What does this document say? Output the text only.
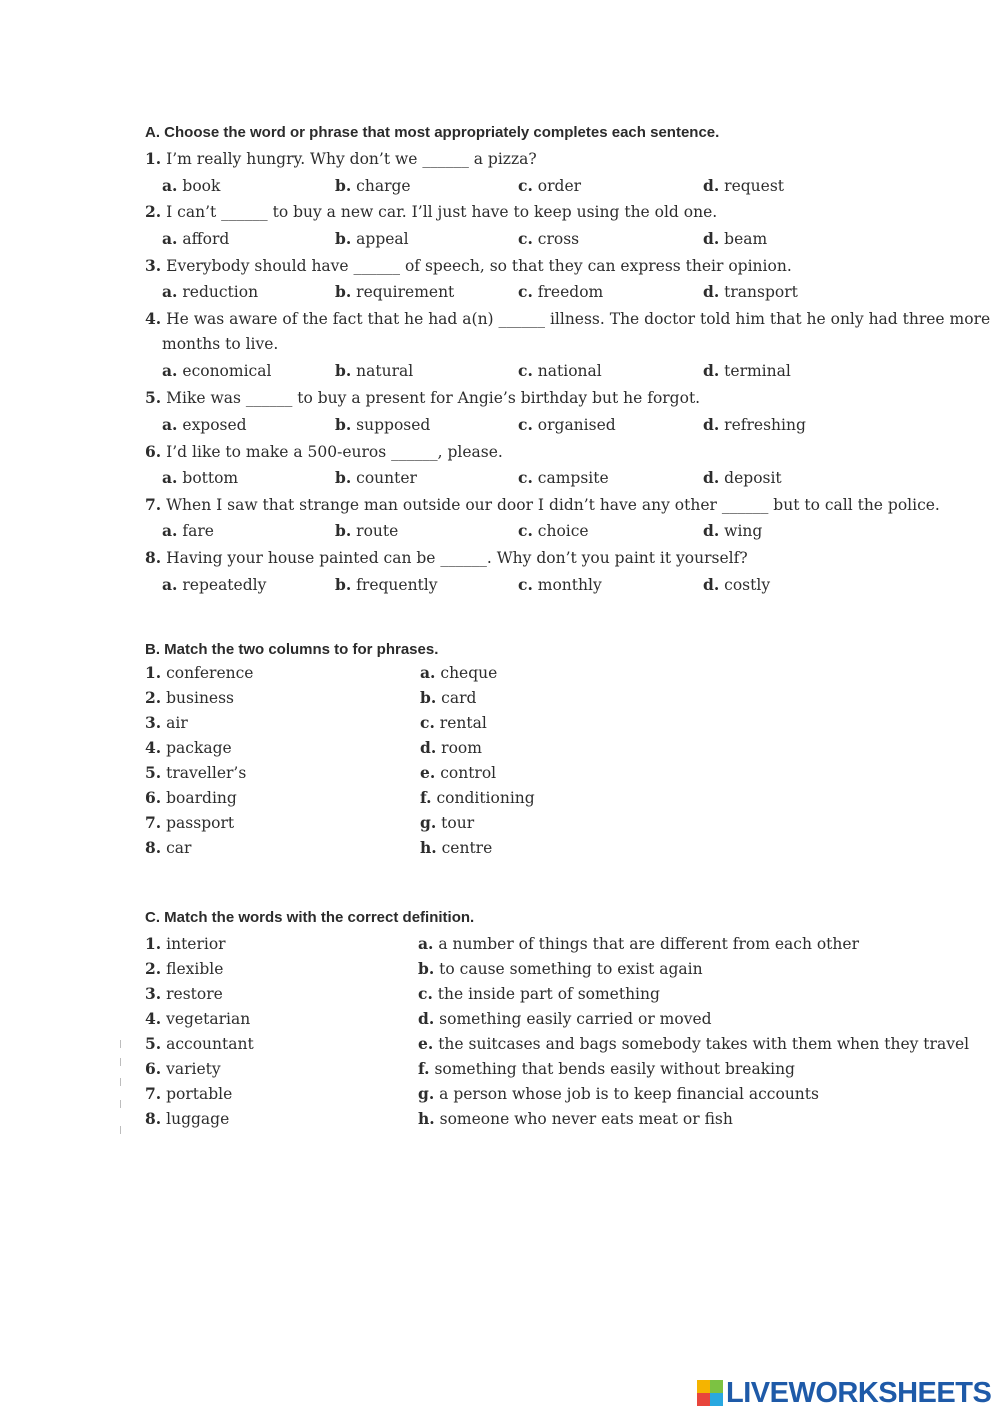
A. Choose the word or phrase that most appropriately completes each sentence.
1. I’m really hungry. Why don’t we ______ a pizza?
a. book	b. charge	c. order	d. request
2. I can’t ______ to buy a new car. I’ll just have to keep using the old one.
a. afford	b. appeal	c. cross	d. beam
3. Everybody should have ______ of speech, so that they can express their opinion.
a. reduction	b. requirement	c. freedom	d. transport
4. He was aware of the fact that he had a(n) ______ illness. The doctor told him that he only had three more
months to live.
a. economical	b. natural	c. national	d. terminal
5. Mike was ______ to buy a present for Angie’s birthday but he forgot.
a. exposed	b. supposed	c. organised	d. refreshing
6. I’d like to make a 500-euros ______, please.
a. bottom	b. counter	c. campsite	d. deposit
7. When I saw that strange man outside our door I didn’t have any other ______ but to call the police.
a. fare	b. route	c. choice	d. wing
8. Having your house painted can be ______. Why don’t you paint it yourself?
a. repeatedly	b. frequently	c. monthly	d. costly
B. Match the two columns to for phrases.
1. conference	a. cheque
2. business	b. card
3. air	c. rental
4. package	d. room
5. traveller’s	e. control
6. boarding	f. conditioning
7. passport	g. tour
8. car	h. centre
C. Match the words with the correct definition.
1. interior	a. a number of things that are different from each other
2. flexible	b. to cause something to exist again
3. restore	c. the inside part of something
4. vegetarian	d. something easily carried or moved
5. accountant	e. the suitcases and bags somebody takes with them when they travel
6. variety	f. something that bends easily without breaking
7. portable	g. a person whose job is to keep financial accounts
8. luggage	h. someone who never eats meat or fish
LIVEWORKSHEETS
